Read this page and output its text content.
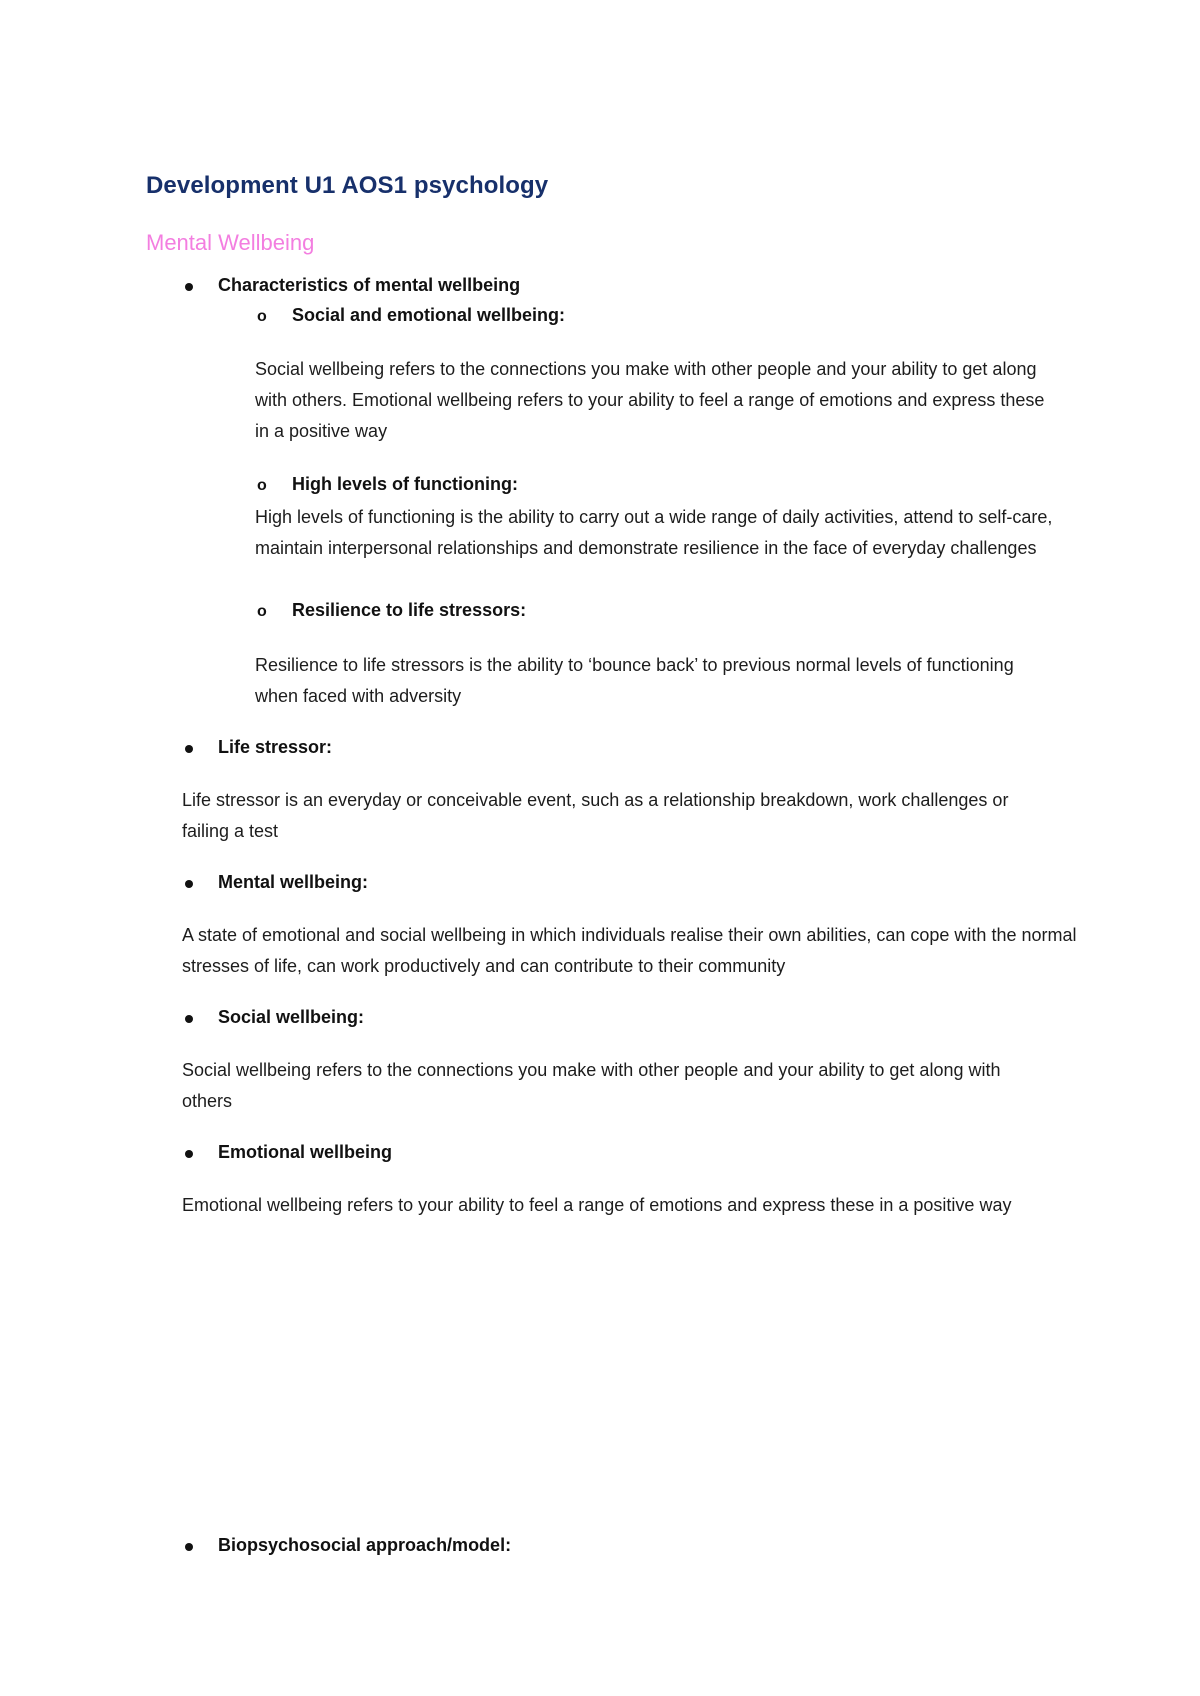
Development U1 AOS1 psychology
Mental Wellbeing
Characteristics of mental wellbeing
o Social and emotional wellbeing:

Social wellbeing refers to the connections you make with other people and your ability to get along with others. Emotional wellbeing refers to your ability to feel a range of emotions and express these in a positive way

o High levels of functioning:

High levels of functioning is the ability to carry out a wide range of daily activities, attend to self-care, maintain interpersonal relationships and demonstrate resilience in the face of everyday challenges

o Resilience to life stressors:

Resilience to life stressors is the ability to ‘bounce back’ to previous normal levels of functioning when faced with adversity

Life stressor:

Life stressor is an everyday or conceivable event, such as a relationship breakdown, work challenges or failing a test

Mental wellbeing:

A state of emotional and social wellbeing in which individuals realise their own abilities, can cope with the normal stresses of life, can work productively and can contribute to their community

Social wellbeing:

Social wellbeing refers to the connections you make with other people and your ability to get along with others

Emotional wellbeing

Emotional wellbeing refers to your ability to feel a range of emotions and express these in a positive way

Biopsychosocial approach/model:
